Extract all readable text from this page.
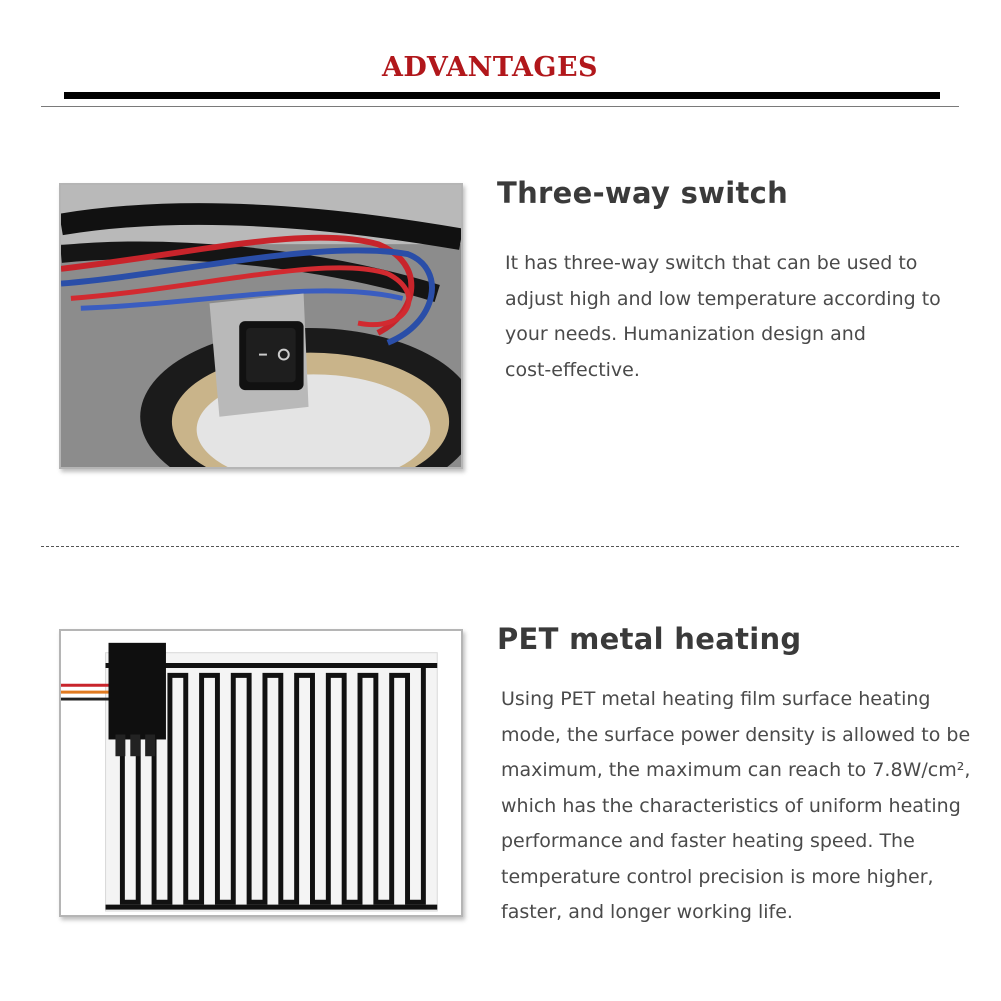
ADVANTAGES
Three-way switch
It has three-way switch that can be used to
adjust high and low temperature according to
your needs. Humanization design and
cost-effective.
PET metal heating
Using PET metal heating film surface heating
mode, the surface power density is allowed to be
maximum, the maximum can reach to 7.8W/cm²,
which has the characteristics of uniform heating
performance and faster heating speed. The
temperature control precision is more higher,
faster, and longer working life.
